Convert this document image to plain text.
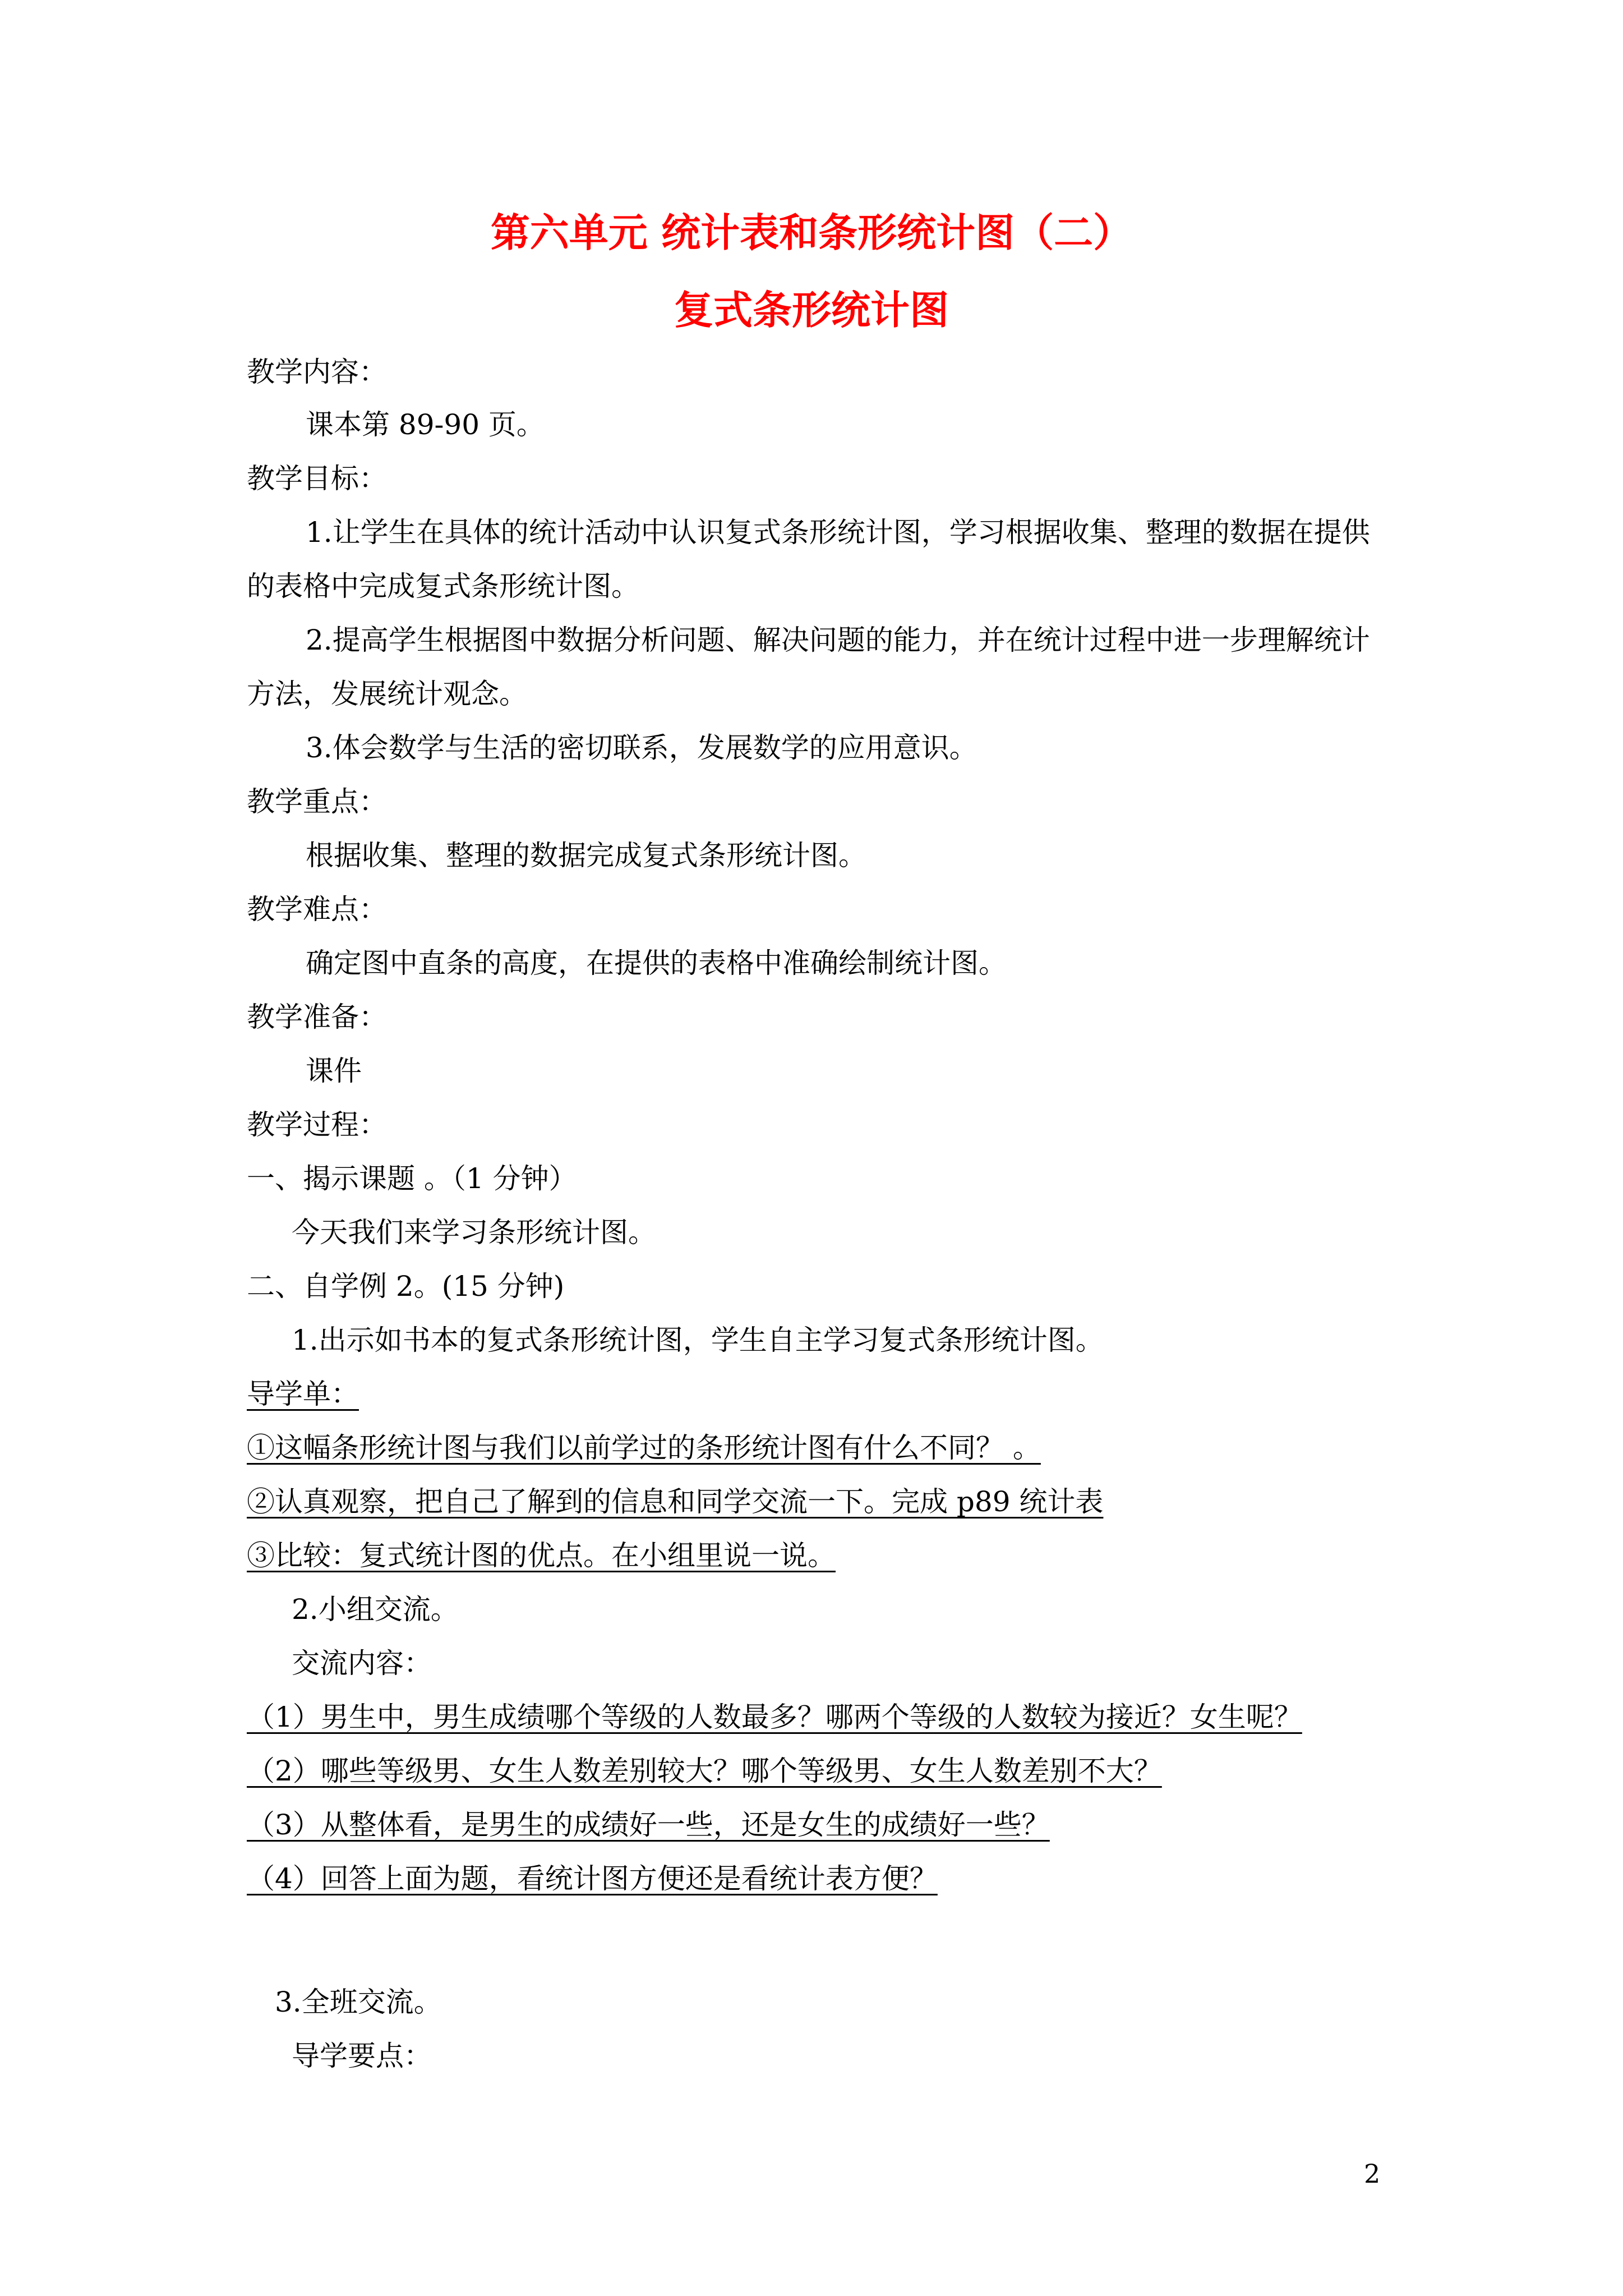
第六单元 统计表和条形统计图（二）
复式条形统计图
教学内容：
课本第 89-90 页。
教学目标：
1.让学生在具体的统计活动中认识复式条形统计图，学习根据收集、整理的数据在提供
的表格中完成复式条形统计图。
2.提高学生根据图中数据分析问题、解决问题的能力，并在统计过程中进一步理解统计
方法，发展统计观念。
3.体会数学与生活的密切联系，发展数学的应用意识。
教学重点：
根据收集、整理的数据完成复式条形统计图。
教学难点：
确定图中直条的高度，在提供的表格中准确绘制统计图。
教学准备：
课件
教学过程：
一、揭示课题 。（1 分钟）
今天我们来学习条形统计图。
二、自学例 2。(15 分钟)
1.出示如书本的复式条形统计图，学生自主学习复式条形统计图。
导学单：
①这幅条形统计图与我们以前学过的条形统计图有什么不同？ 。
②认真观察，把自己了解到的信息和同学交流一下。完成 p89 统计表
③比较：复式统计图的优点。在小组里说一说。
2.小组交流。
交流内容：
（1）男生中，男生成绩哪个等级的人数最多？哪两个等级的人数较为接近？女生呢？
（2）哪些等级男、女生人数差别较大？哪个等级男、女生人数差别不大？
（3）从整体看，是男生的成绩好一些，还是女生的成绩好一些？
（4）回答上面为题，看统计图方便还是看统计表方便？
3.全班交流。
导学要点：
2
